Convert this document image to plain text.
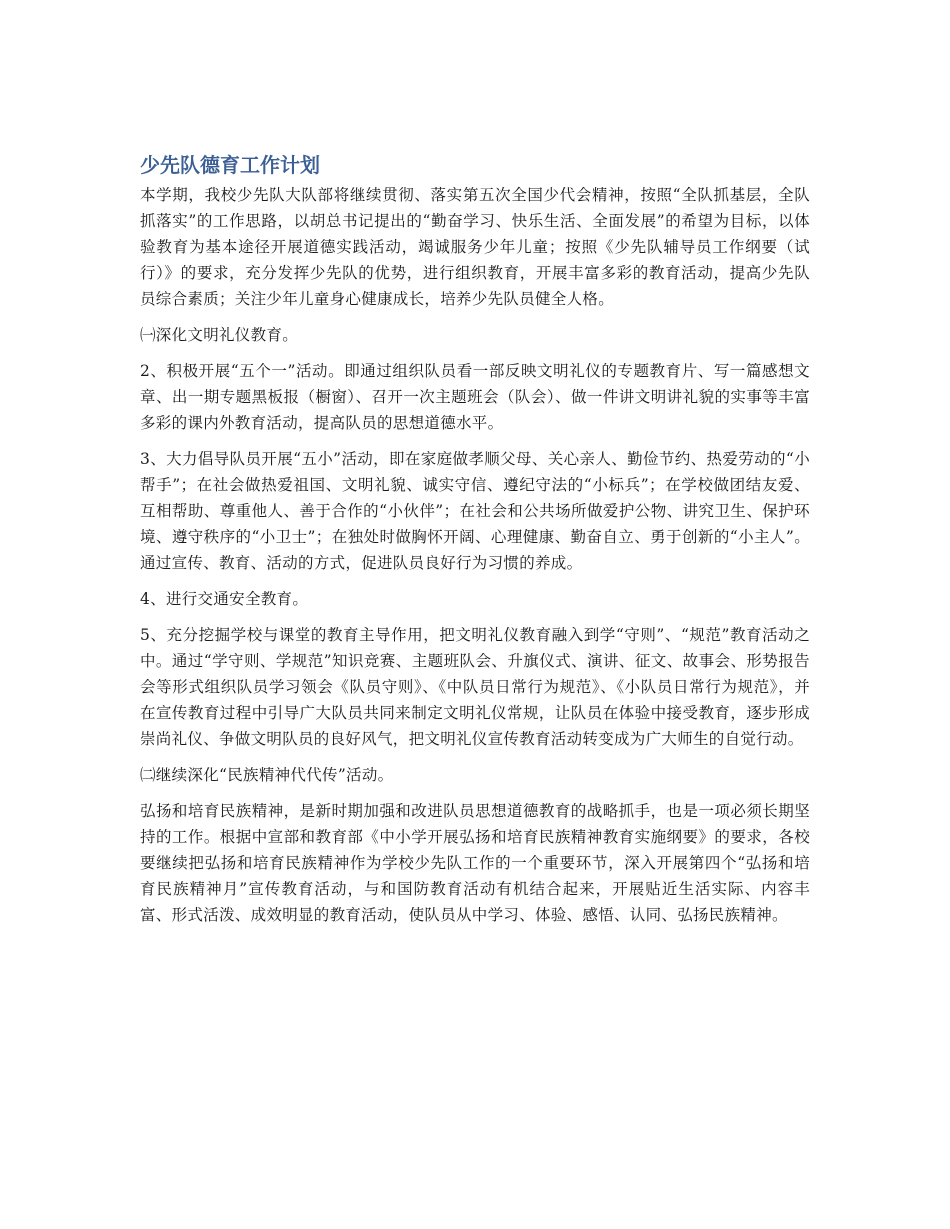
少先队德育工作计划

本学期，我校少先队大队部将继续贯彻、落实第五次全国少代会精神，按照“全队抓基层，全队抓落实”的工作思路，以胡总书记提出的“勤奋学习、快乐生活、全面发展”的希望为目标，以体验教育为基本途径开展道德实践活动，竭诚服务少年儿童；按照《少先队辅导员工作纲要（试行）》的要求，充分发挥少先队的优势，进行组织教育，开展丰富多彩的教育活动，提高少先队员综合素质；关注少年儿童身心健康成长，培养少先队员健全人格。

㈠深化文明礼仪教育。

2、积极开展“五个一”活动。即通过组织队员看一部反映文明礼仪的专题教育片、写一篇感想文章、出一期专题黑板报（橱窗）、召开一次主题班会（队会）、做一件讲文明讲礼貌的实事等丰富多彩的课内外教育活动，提高队员的思想道德水平。

3、大力倡导队员开展“五小”活动，即在家庭做孝顺父母、关心亲人、勤俭节约、热爱劳动的“小帮手”；在社会做热爱祖国、文明礼貌、诚实守信、遵纪守法的“小标兵”；在学校做团结友爱、互相帮助、尊重他人、善于合作的“小伙伴”；在社会和公共场所做爱护公物、讲究卫生、保护环境、遵守秩序的“小卫士”；在独处时做胸怀开阔、心理健康、勤奋自立、勇于创新的“小主人”。通过宣传、教育、活动的方式，促进队员良好行为习惯的养成。

4、进行交通安全教育。

5、充分挖掘学校与课堂的教育主导作用，把文明礼仪教育融入到学“守则”、“规范”教育活动之中。通过“学守则、学规范”知识竞赛、主题班队会、升旗仪式、演讲、征文、故事会、形势报告会等形式组织队员学习领会《队员守则》、《中队员日常行为规范》、《小队员日常行为规范》，并在宣传教育过程中引导广大队员共同来制定文明礼仪常规，让队员在体验中接受教育，逐步形成崇尚礼仪、争做文明队员的良好风气，把文明礼仪宣传教育活动转变成为广大师生的自觉行动。

㈡继续深化“民族精神代代传”活动。

弘扬和培育民族精神，是新时期加强和改进队员思想道德教育的战略抓手，也是一项必须长期坚持的工作。根据中宣部和教育部《中小学开展弘扬和培育民族精神教育实施纲要》的要求，各校要继续把弘扬和培育民族精神作为学校少先队工作的一个重要环节，深入开展第四个“弘扬和培育民族精神月”宣传教育活动，与和国防教育活动有机结合起来，开展贴近生活实际、内容丰富、形式活泼、成效明显的教育活动，使队员从中学习、体验、感悟、认同、弘扬民族精神。
